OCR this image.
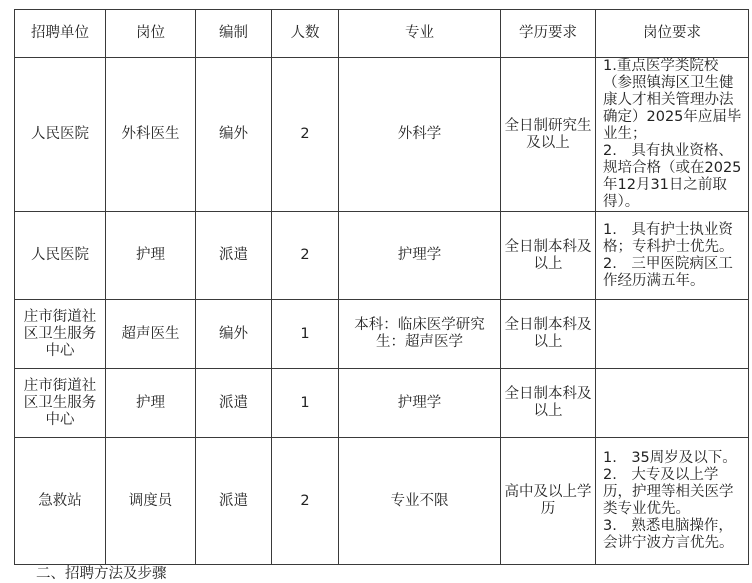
招聘单位	岗位	编制	人数	专业	学历要求	岗位要求
人民医院	外科医生	编外	2	外科学	全日制研究生及以上	1.重点医学类院校（参照镇海区卫生健康人才相关管理办法确定）2025年应届毕业生；
2.　具有执业资格、规培合格（或在2025年12月31日之前取得）。

人民医院	护理	派遣	2	护理学	全日制本科及以上	1.　具有护士执业资格；专科护士优先。
2.　三甲医院病区工作经历满五年。

庄市街道社区卫生服务中心	超声医生	编外	1	本科：临床医学研究生：超声医学	全日制本科及以上	
庄市街道社区卫生服务中心	护理	派遣	1	护理学	全日制本科及以上	
急救站	调度员	派遣	2	专业不限	高中及以上学历	1.　35周岁及以下。
2.　大专及以上学历，护理等相关医学类专业优先。
3.　熟悉电脑操作，会讲宁波方言优先。
二、招聘方法及步骤
